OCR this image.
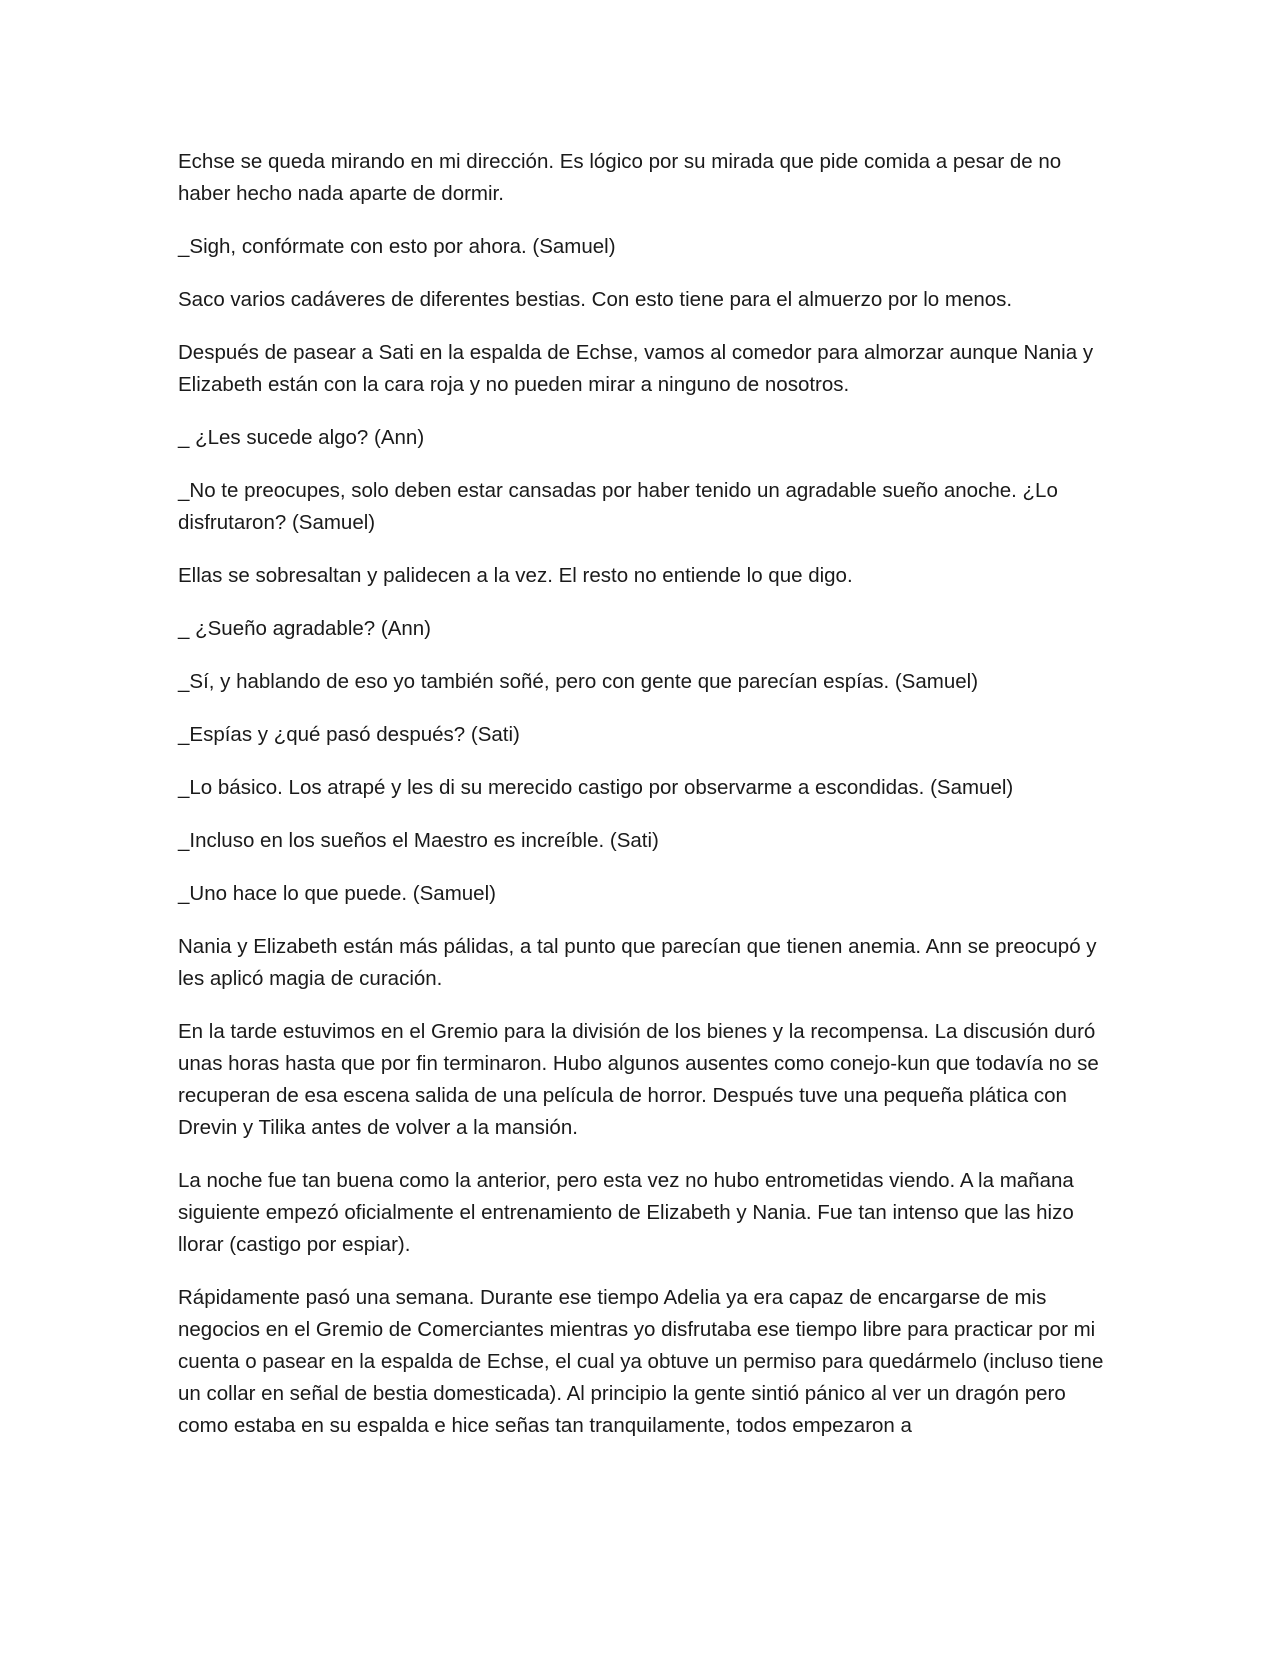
Echse se queda mirando en mi dirección. Es lógico por su mirada que pide comida a pesar de no haber hecho nada aparte de dormir.

_Sigh, confórmate con esto por ahora. (Samuel)

Saco varios cadáveres de diferentes bestias. Con esto tiene para el almuerzo por lo menos.

Después de pasear a Sati en la espalda de Echse, vamos al comedor para almorzar aunque Nania y Elizabeth están con la cara roja y no pueden mirar a ninguno de nosotros.

_ ¿Les sucede algo? (Ann)

_No te preocupes, solo deben estar cansadas por haber tenido un agradable sueño anoche. ¿Lo disfrutaron? (Samuel)

Ellas se sobresaltan y palidecen a la vez. El resto no entiende lo que digo.

_ ¿Sueño agradable? (Ann)

_Sí, y hablando de eso yo también soñé, pero con gente que parecían espías. (Samuel)

_Espías y ¿qué pasó después? (Sati)

_Lo básico. Los atrapé y les di su merecido castigo por observarme a escondidas. (Samuel)

_Incluso en los sueños el Maestro es increíble. (Sati)

_Uno hace lo que puede. (Samuel)

Nania y Elizabeth están más pálidas, a tal punto que parecían que tienen anemia. Ann se preocupó y les aplicó magia de curación.

En la tarde estuvimos en el Gremio para la división de los bienes y la recompensa. La discusión duró unas horas hasta que por fin terminaron. Hubo algunos ausentes como conejo-kun que todavía no se recuperan de esa escena salida de una película de horror. Después tuve una pequeña plática con Drevin y Tilika antes de volver a la mansión.

La noche fue tan buena como la anterior, pero esta vez no hubo entrometidas viendo. A la mañana siguiente empezó oficialmente el entrenamiento de Elizabeth y Nania. Fue tan intenso que las hizo llorar (castigo por espiar).

Rápidamente pasó una semana. Durante ese tiempo Adelia ya era capaz de encargarse de mis negocios en el Gremio de Comerciantes mientras yo disfrutaba ese tiempo libre para practicar por mi cuenta o pasear en la espalda de Echse, el cual ya obtuve un permiso para quedármelo (incluso tiene un collar en señal de bestia domesticada). Al principio la gente sintió pánico al ver un dragón pero como estaba en su espalda e hice señas tan tranquilamente, todos empezaron a
